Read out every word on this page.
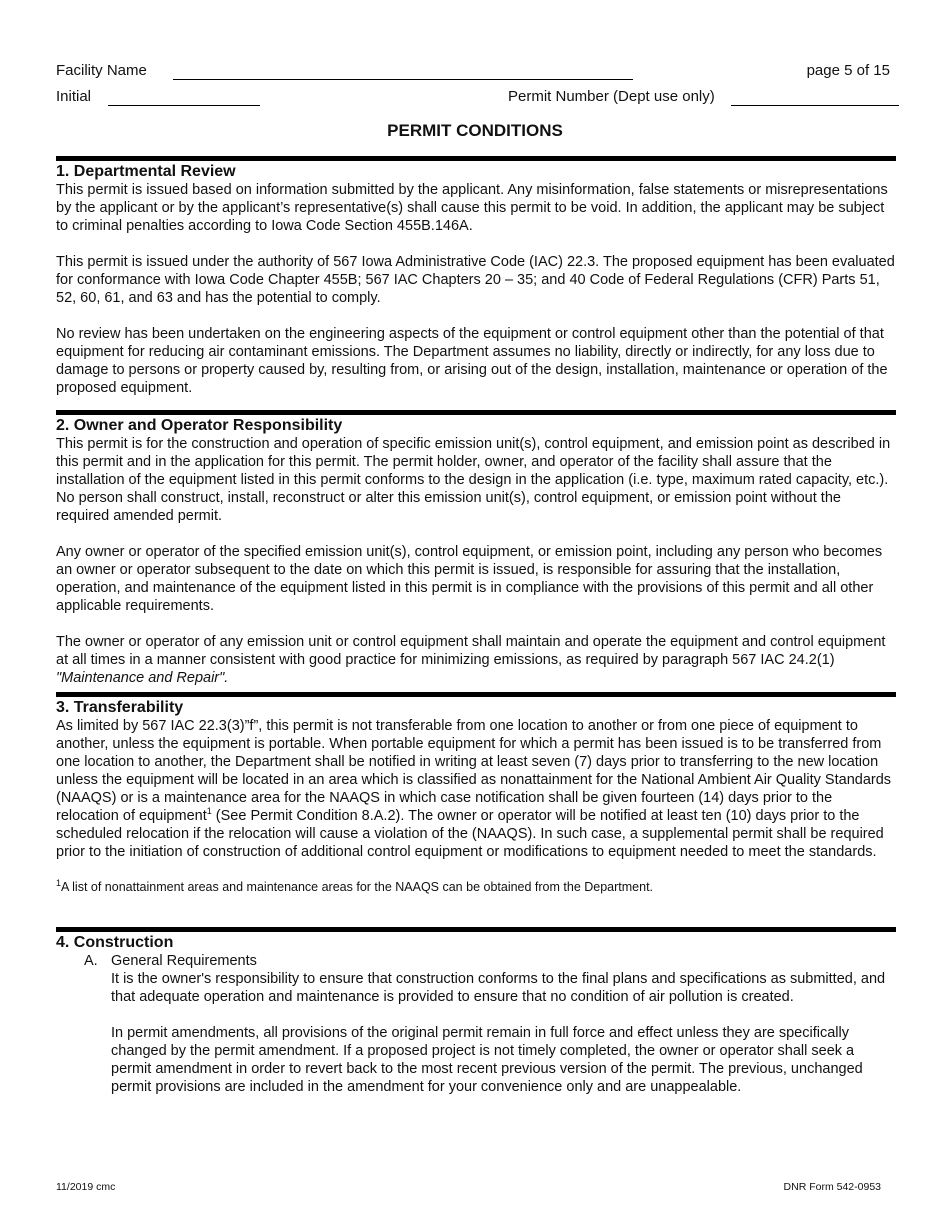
Facility Name	page 5 of 15
Initial	Permit Number (Dept use only)
PERMIT CONDITIONS
1. Departmental Review

This permit is issued based on information submitted by the applicant. Any misinformation, false statements or misrepresentations by the applicant or by the applicant’s representative(s) shall cause this permit to be void. In addition, the applicant may be subject to criminal penalties according to Iowa Code Section 455B.146A.

This permit is issued under the authority of 567 Iowa Administrative Code (IAC) 22.3. The proposed equipment has been evaluated for conformance with Iowa Code Chapter 455B; 567 IAC Chapters 20 – 35; and 40 Code of Federal Regulations (CFR) Parts 51, 52, 60, 61, and 63 and has the potential to comply.

No review has been undertaken on the engineering aspects of the equipment or control equipment other than the potential of that equipment for reducing air contaminant emissions. The Department assumes no liability, directly or indirectly, for any loss due to damage to persons or property caused by, resulting from, or arising out of the design, installation, maintenance or operation of the proposed equipment.

2. Owner and Operator Responsibility

This permit is for the construction and operation of specific emission unit(s), control equipment, and emission point as described in this permit and in the application for this permit. The permit holder, owner, and operator of the facility shall assure that the installation of the equipment listed in this permit conforms to the design in the application (i.e. type, maximum rated capacity, etc.). No person shall construct, install, reconstruct or alter this emission unit(s), control equipment, or emission point without the required amended permit.

Any owner or operator of the specified emission unit(s), control equipment, or emission point, including any person who becomes an owner or operator subsequent to the date on which this permit is issued, is responsible for assuring that the installation, operation, and maintenance of the equipment listed in this permit is in compliance with the provisions of this permit and all other applicable requirements.

The owner or operator of any emission unit or control equipment shall maintain and operate the equipment and control equipment at all times in a manner consistent with good practice for minimizing emissions, as required by paragraph 567 IAC 24.2(1) "Maintenance and Repair".

3. Transferability

As limited by 567 IAC 22.3(3)”f”, this permit is not transferable from one location to another or from one piece of equipment to another, unless the equipment is portable. When portable equipment for which a permit has been issued is to be transferred from one location to another, the Department shall be notified in writing at least seven (7) days prior to transferring to the new location unless the equipment will be located in an area which is classified as nonattainment for the National Ambient Air Quality Standards (NAAQS) or is a maintenance area for the NAAQS in which case notification shall be given fourteen (14) days prior to the relocation of equipment$^1$ (See Permit Condition 8.A.2). The owner or operator will be notified at least ten (10) days prior to the scheduled relocation if the relocation will cause a violation of the (NAAQS). In such case, a supplemental permit shall be required prior to the initiation of construction of additional control equipment or modifications to equipment needed to meet the standards.

$^1$A list of nonattainment areas and maintenance areas for the NAAQS can be obtained from the Department.
4. Construction
A. General Requirements

It is the owner's responsibility to ensure that construction conforms to the final plans and specifications as submitted, and that adequate operation and maintenance is provided to ensure that no condition of air pollution is created.

In permit amendments, all provisions of the original permit remain in full force and effect unless they are specifically changed by the permit amendment. If a proposed project is not timely completed, the owner or operator shall seek a permit amendment in order to revert back to the most recent previous version of the permit. The previous, unchanged permit provisions are included in the amendment for your convenience only and are unappealable.

11/2019 cmc	DNR Form 542-0953
